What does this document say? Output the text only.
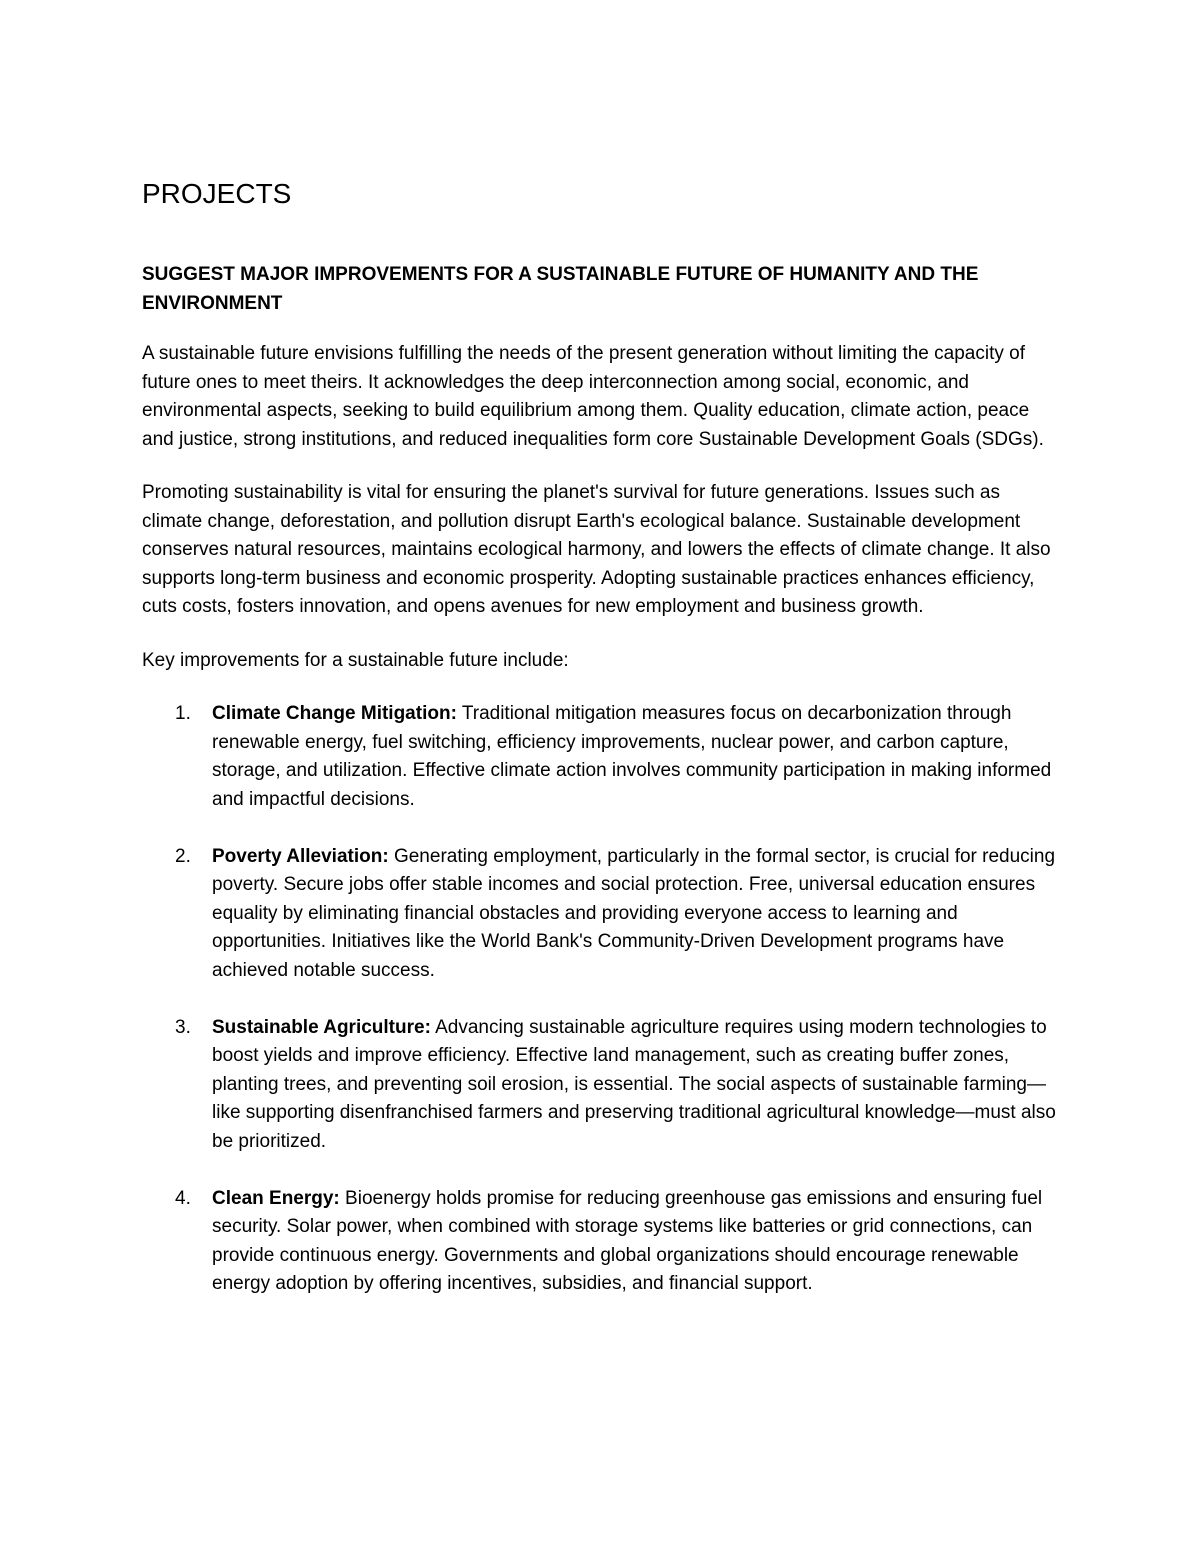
PROJECTS
SUGGEST MAJOR IMPROVEMENTS FOR A SUSTAINABLE FUTURE OF HUMANITY AND THE ENVIRONMENT

A sustainable future envisions fulfilling the needs of the present generation without limiting the capacity of future ones to meet theirs. It acknowledges the deep interconnection among social, economic, and environmental aspects, seeking to build equilibrium among them. Quality education, climate action, peace and justice, strong institutions, and reduced inequalities form core Sustainable Development Goals (SDGs).

Promoting sustainability is vital for ensuring the planet's survival for future generations. Issues such as climate change, deforestation, and pollution disrupt Earth's ecological balance. Sustainable development conserves natural resources, maintains ecological harmony, and lowers the effects of climate change. It also supports long-term business and economic prosperity. Adopting sustainable practices enhances efficiency, cuts costs, fosters innovation, and opens avenues for new employment and business growth.

Key improvements for a sustainable future include:

1. Climate Change Mitigation: Traditional mitigation measures focus on decarbonization through renewable energy, fuel switching, efficiency improvements, nuclear power, and carbon capture, storage, and utilization. Effective climate action involves community participation in making informed and impactful decisions.
2. Poverty Alleviation: Generating employment, particularly in the formal sector, is crucial for reducing poverty. Secure jobs offer stable incomes and social protection. Free, universal education ensures equality by eliminating financial obstacles and providing everyone access to learning and opportunities. Initiatives like the World Bank's Community-Driven Development programs have achieved notable success.
3. Sustainable Agriculture: Advancing sustainable agriculture requires using modern technologies to boost yields and improve efficiency. Effective land management, such as creating buffer zones, planting trees, and preventing soil erosion, is essential. The social aspects of sustainable farming—like supporting disenfranchised farmers and preserving traditional agricultural knowledge—must also be prioritized.
4. Clean Energy: Bioenergy holds promise for reducing greenhouse gas emissions and ensuring fuel security. Solar power, when combined with storage systems like batteries or grid connections, can provide continuous energy. Governments and global organizations should encourage renewable energy adoption by offering incentives, subsidies, and financial support.
